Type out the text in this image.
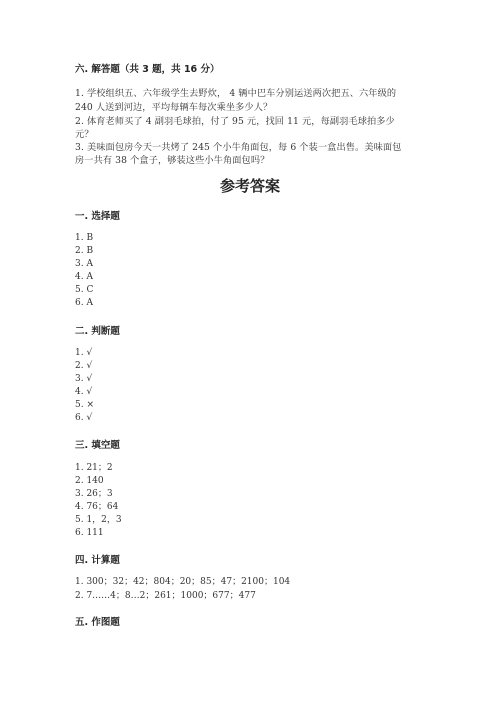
六. 解答题（共 3 题，共 16 分）
1. 学校组织五、六年级学生去野炊， 4 辆中巴车分别运送两次把五、六年级的
240 人送到河边，平均每辆车每次乘坐多少人？
2. 体育老师买了 4 副羽毛球拍，付了 95 元，找回 11 元，每副羽毛球拍多少
元？
3. 美味面包房今天一共烤了 245 个小牛角面包，每 6 个装一盒出售。美味面包
房一共有 38 个盒子，够装这些小牛角面包吗？
参考答案
一. 选择题
1. B
2. B
3. A
4. A
5. C
6. A
二. 判断题
1. √
2. √
3. √
4. √
5. ×
6. √
三. 填空题
1. 21；2
2. 140
3. 26；3
4. 76；64
5. 1，2，3
6. 111
四. 计算题
1. 300；32；42；804；20；85；47；2100；104
2. 7……4；8…2；261；1000；677；477
五. 作图题
